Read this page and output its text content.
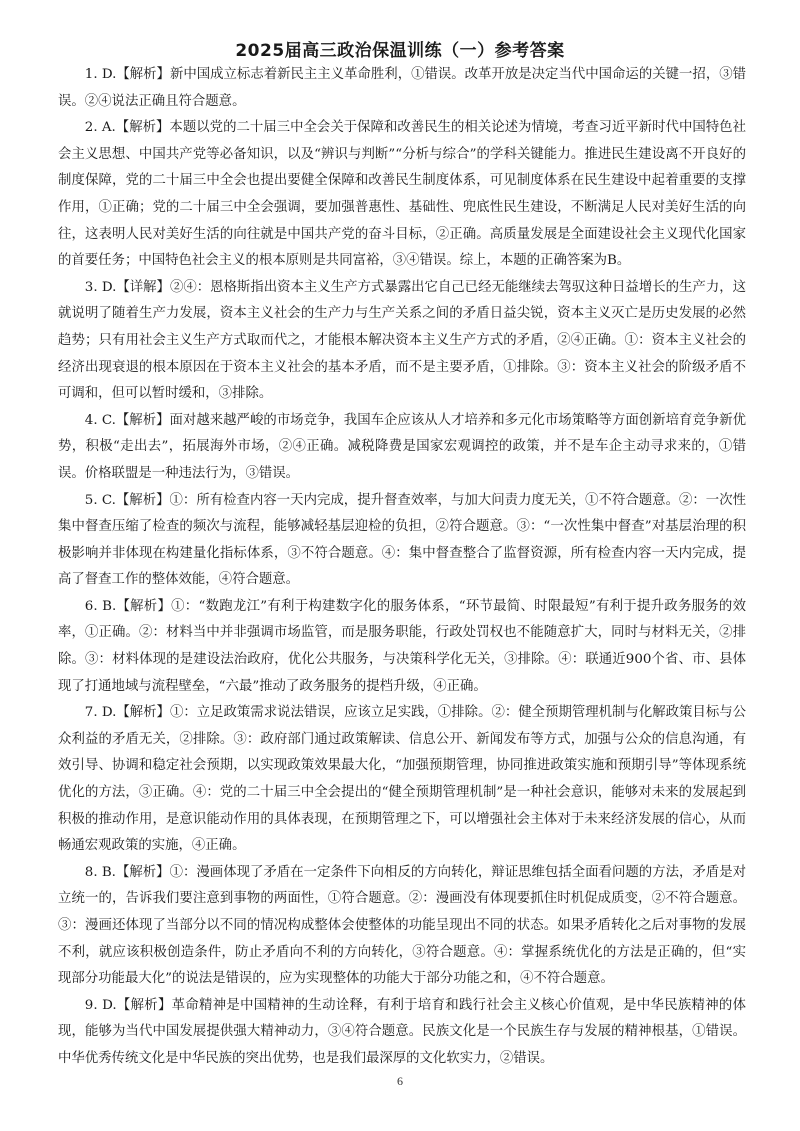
2025届高三政治保温训练（一）参考答案

1. D.【解析】新中国成立标志着新民主主义革命胜利，①错误。改革开放是决定当代中国命运的关键一招，③错误。②④说法正确且符合题意。

2. A.【解析】本题以党的二十届三中全会关于保障和改善民生的相关论述为情境，考查习近平新时代中国特色社会主义思想、中国共产党等必备知识，以及“辨识与判断”“分析与综合”的学科关键能力。推进民生建设离不开良好的制度保障，党的二十届三中全会也提出要健全保障和改善民生制度体系，可见制度体系在民生建设中起着重要的支撑作用，①正确；党的二十届三中全会强调，要加强普惠性、基础性、兜底性民生建设，不断满足人民对美好生活的向往，这表明人民对美好生活的向往就是中国共产党的奋斗目标，②正确。高质量发展是全面建设社会主义现代化国家的首要任务；中国特色社会主义的根本原则是共同富裕，③④错误。综上，本题的正确答案为B。

3. D.【详解】②④：恩格斯指出资本主义生产方式暴露出它自己已经无能继续去驾驭这种日益增长的生产力，这就说明了随着生产力发展，资本主义社会的生产力与生产关系之间的矛盾日益尖锐，资本主义灭亡是历史发展的必然趋势；只有用社会主义生产方式取而代之，才能根本解决资本主义生产方式的矛盾，②④正确。①：资本主义社会的经济出现衰退的根本原因在于资本主义社会的基本矛盾，而不是主要矛盾，①排除。③：资本主义社会的阶级矛盾不可调和，但可以暂时缓和，③排除。

4. C.【解析】面对越来越严峻的市场竞争，我国车企应该从人才培养和多元化市场策略等方面创新培育竞争新优势，积极“走出去”，拓展海外市场，②④正确。减税降费是国家宏观调控的政策，并不是车企主动寻求来的，①错误。价格联盟是一种违法行为，③错误。

5. C.【解析】①：所有检查内容一天内完成，提升督查效率，与加大问责力度无关，①不符合题意。②：一次性集中督查压缩了检查的频次与流程，能够减轻基层迎检的负担，②符合题意。③：“一次性集中督查”对基层治理的积极影响并非体现在构建量化指标体系，③不符合题意。④：集中督查整合了监督资源，所有检查内容一天内完成，提高了督查工作的整体效能，④符合题意。

6. B.【解析】①：“数跑龙江”有利于构建数字化的服务体系，“环节最简、时限最短”有利于提升政务服务的效率，①正确。②：材料当中并非强调市场监管，而是服务职能，行政处罚权也不能随意扩大，同时与材料无关，②排除。③：材料体现的是建设法治政府，优化公共服务，与决策科学化无关，③排除。④：联通近900个省、市、县体现了打通地域与流程壁垒，“六最”推动了政务服务的提档升级，④正确。

7. D.【解析】①：立足政策需求说法错误，应该立足实践，①排除。②：健全预期管理机制与化解政策目标与公众利益的矛盾无关，②排除。③：政府部门通过政策解读、信息公开、新闻发布等方式，加强与公众的信息沟通，有效引导、协调和稳定社会预期，以实现政策效果最大化，“加强预期管理，协同推进政策实施和预期引导”等体现系统优化的方法，③正确。④：党的二十届三中全会提出的“健全预期管理机制”是一种社会意识，能够对未来的发展起到积极的推动作用，是意识能动作用的具体表现，在预期管理之下，可以增强社会主体对于未来经济发展的信心，从而畅通宏观政策的实施，④正确。

8. B.【解析】①：漫画体现了矛盾在一定条件下向相反的方向转化，辩证思维包括全面看问题的方法，矛盾是对立统一的，告诉我们要注意到事物的两面性，①符合题意。②：漫画没有体现要抓住时机促成质变，②不符合题意。③：漫画还体现了当部分以不同的情况构成整体会使整体的功能呈现出不同的状态。如果矛盾转化之后对事物的发展不利，就应该积极创造条件，防止矛盾向不利的方向转化，③符合题意。④：掌握系统优化的方法是正确的，但“实现部分功能最大化”的说法是错误的，应为实现整体的功能大于部分功能之和，④不符合题意。

9. D.【解析】革命精神是中国精神的生动诠释，有利于培育和践行社会主义核心价值观，是中华民族精神的体现，能够为当代中国发展提供强大精神动力，③④符合题意。民族文化是一个民族生存与发展的精神根基，①错误。中华优秀传统文化是中华民族的突出优势，也是我们最深厚的文化软实力，②错误。

6
